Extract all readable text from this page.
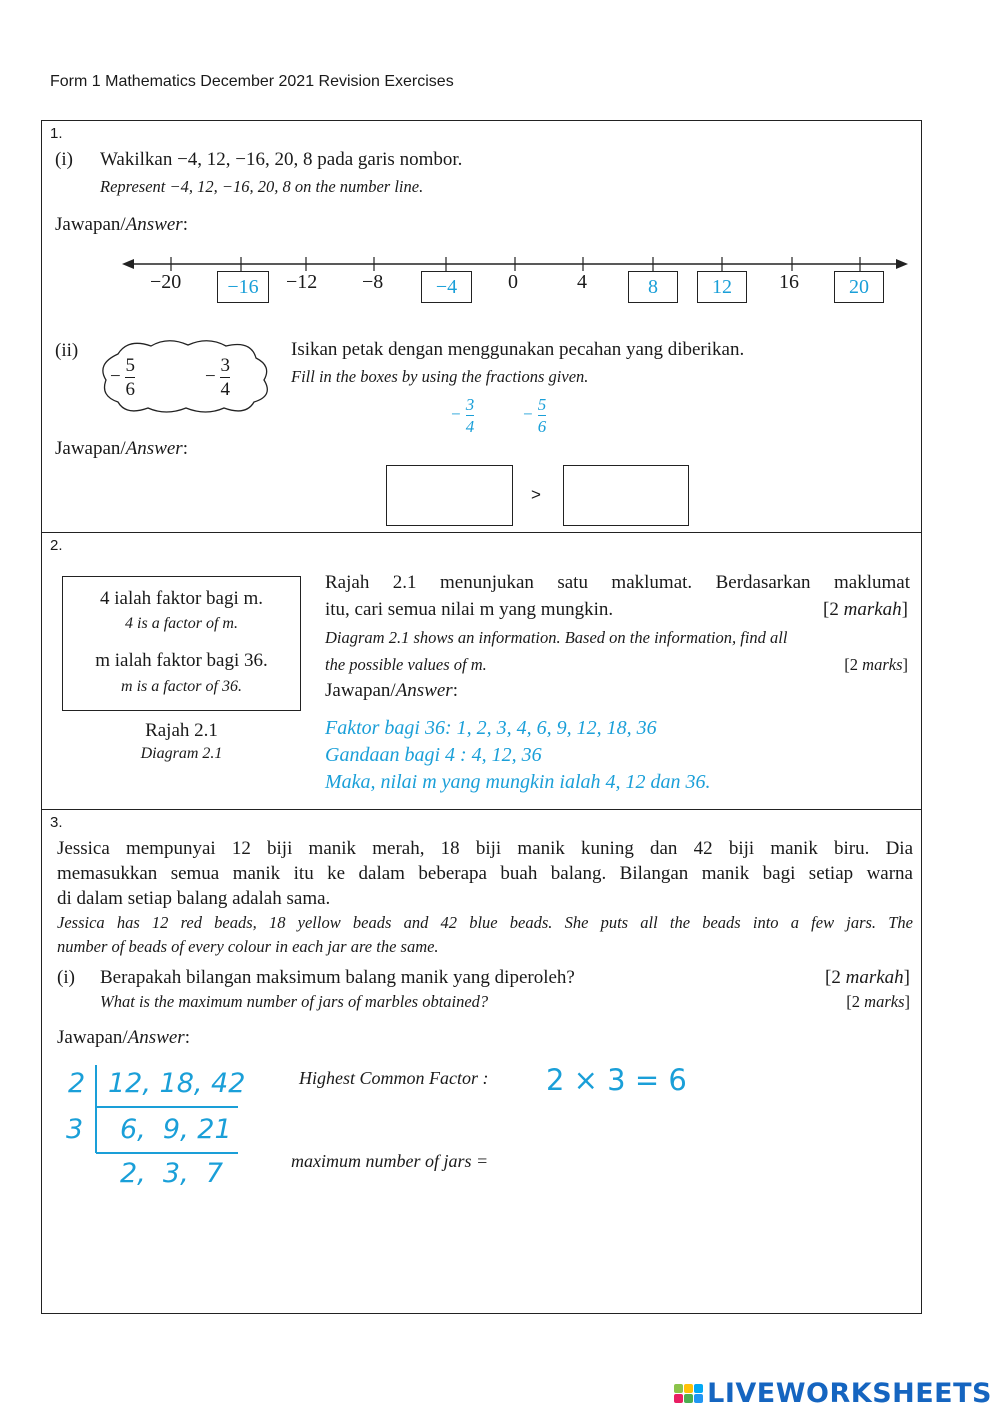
Form 1 Mathematics December 2021 Revision Exercises
1.
(i) Wakilkan −4, 12, −16, 20, 8 pada garis nombor.
Represent −4, 12, −16, 20, 8 on the number line.
Jawapan/Answer:
−20	−16	−12 −8	−4	0	4	8	12	16	20
(ii)
− $\frac{5}{6}$	− $\frac{3}{4}$
Isikan petak dengan menggunakan pecahan yang diberikan.
Fill in the boxes by using the fractions given.
− $\frac{3}{4}$	− $\frac{5}{6}$
Jawapan/Answer:
>
2.
4 ialah faktor bagi m.
4 is a factor of m.
m ialah faktor bagi 36.
m is a factor of 36.
Rajah 2.1
Diagram 2.1
Rajah 2.1 menunjukan satu maklumat. Berdasarkan maklumat
itu, cari semua nilai m yang mungkin.	[2 markah]
Diagram 2.1 shows an information. Based on the information, find all
the possible values of m.	[2 marks]
Jawapan/Answer:
Faktor bagi 36: 1, 2, 3, 4, 6, 9, 12, 18, 36
Gandaan bagi 4 : 4, 12, 36
Maka, nilai m yang mungkin ialah 4, 12 dan 36.
3.
Jessica mempunyai 12 biji manik merah, 18 biji manik kuning dan 42 biji manik biru. Dia
memasukkan semua manik itu ke dalam beberapa buah balang. Bilangan manik bagi setiap warna
di dalam setiap balang adalah sama.
Jessica has 12 red beads, 18 yellow beads and 42 blue beads. She puts all the beads into a few jars. The
number of beads of every colour in each jar are the same.
(i) Berapakah bilangan maksimum balang manik yang diperoleh?	[2 markah]
What is the maximum number of jars of marbles obtained?	[2 marks]
Jawapan/Answer:
2 12, 18, 42
3 6,  9, 21
2,  3,  7
Highest Common Factor : 2 × 3 = 6
maximum number of jars =
LIVEWORKSHEETS
